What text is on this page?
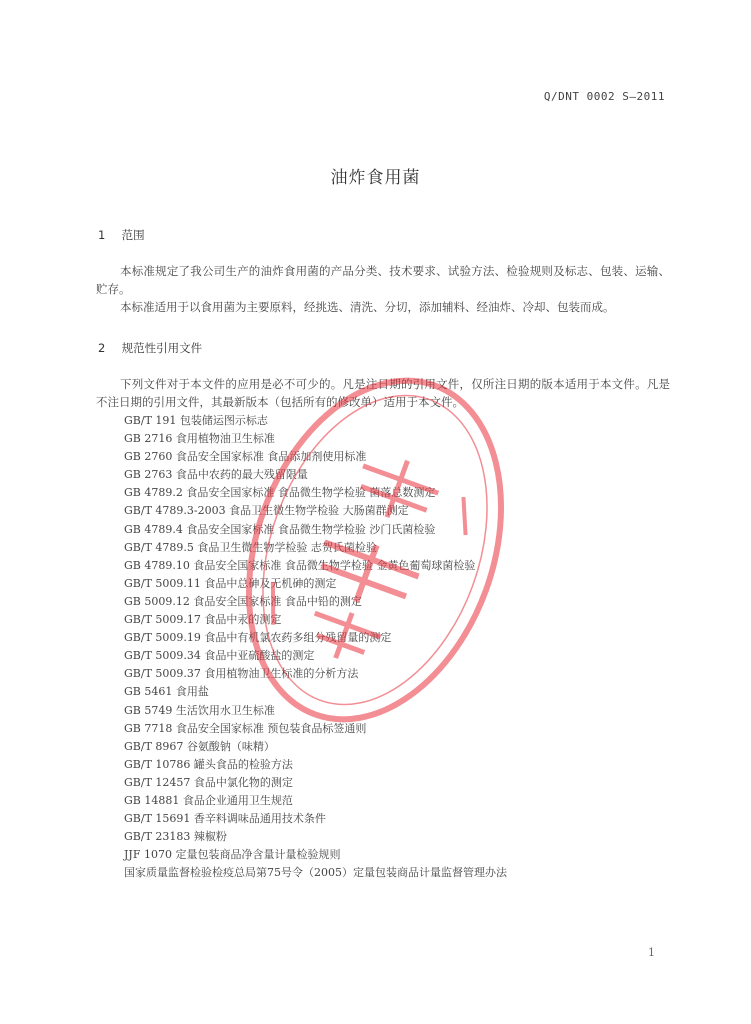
Q/DNT 0002 S—2011
油炸食用菌
1 范围
本标准规定了我公司生产的油炸食用菌的产品分类、技术要求、试验方法、检验规则及标志、包装、运输、贮存。
本标准适用于以食用菌为主要原料，经挑选、清洗、分切，添加辅料、经油炸、冷却、包装而成。
2 规范性引用文件
下列文件对于本文件的应用是必不可少的。凡是注日期的引用文件，仅所注日期的版本适用于本文件。凡是不注日期的引用文件，其最新版本（包括所有的修改单）适用于本文件。
GB/T 191 包装储运图示标志
GB 2716 食用植物油卫生标准
GB 2760 食品安全国家标准 食品添加剂使用标准
GB 2763 食品中农药的最大残留限量
GB 4789.2 食品安全国家标准 食品微生物学检验 菌落总数测定
GB/T 4789.3-2003 食品卫生微生物学检验 大肠菌群测定
GB 4789.4 食品安全国家标准 食品微生物学检验 沙门氏菌检验
GB/T 4789.5 食品卫生微生物学检验 志贺氏菌检验
GB 4789.10 食品安全国家标准 食品微生物学检验 金黄色葡萄球菌检验
GB/T 5009.11 食品中总砷及无机砷的测定
GB 5009.12 食品安全国家标准 食品中铅的测定
GB/T 5009.17 食品中汞的测定
GB/T 5009.19 食品中有机氯农药多组分残留量的测定
GB/T 5009.34 食品中亚硫酸盐的测定
GB/T 5009.37 食用植物油卫生标准的分析方法
GB 5461 食用盐
GB 5749 生活饮用水卫生标准
GB 7718 食品安全国家标准 预包装食品标签通则
GB/T 8967 谷氨酸钠（味精）
GB/T 10786 罐头食品的检验方法
GB/T 12457 食品中氯化物的测定
GB 14881 食品企业通用卫生规范
GB/T 15691 香辛料调味品通用技术条件
GB/T 23183 辣椒粉
JJF 1070 定量包装商品净含量计量检验规则
国家质量监督检验检疫总局第75号令（2005）定量包装商品计量监督管理办法
1
